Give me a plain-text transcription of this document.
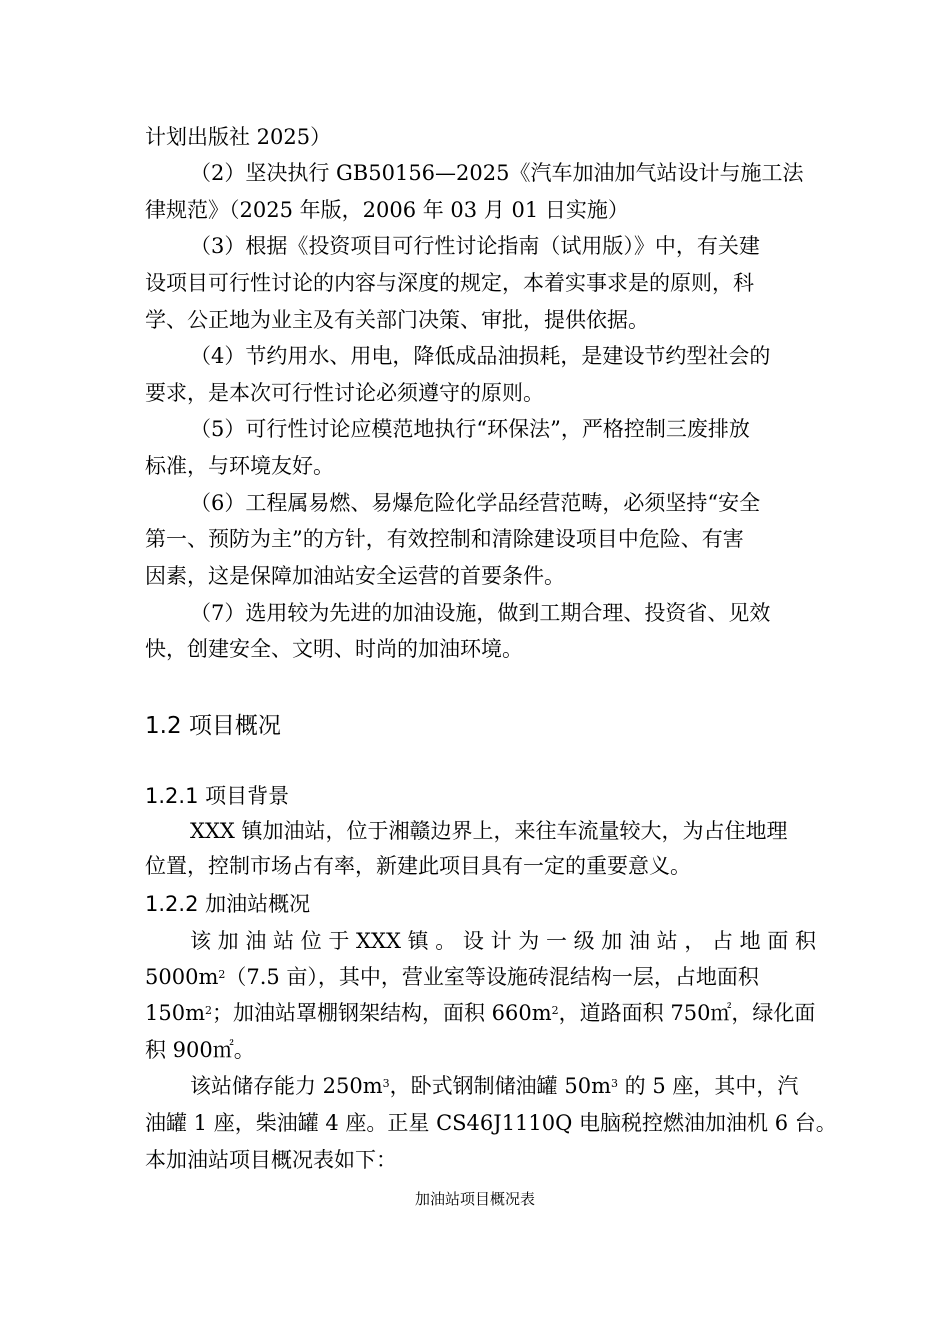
计划出版社 2025）
（2）坚决执行 GB50156—2025《汽车加油加气站设计与施工法
律规范》（2025 年版，2006 年 03 月 01 日实施）
（3）根据《投资项目可行性讨论指南（试用版）》中，有关建
设项目可行性讨论的内容与深度的规定，本着实事求是的原则，科
学、公正地为业主及有关部门决策、审批，提供依据。
（4）节约用水、用电，降低成品油损耗，是建设节约型社会的
要求，是本次可行性讨论必须遵守的原则。
（5）可行性讨论应模范地执行“环保法”，严格控制三废排放
标准，与环境友好。
（6）工程属易燃、易爆危险化学品经营范畴，必须坚持“安全
第一、预防为主”的方针，有效控制和清除建设项目中危险、有害
因素，这是保障加油站安全运营的首要条件。
（7）选用较为先进的加油设施，做到工期合理、投资省、见效
快，创建安全、文明、时尚的加油环境。
1.2 项目概况
1.2.1 项目背景
XXX 镇加油站，位于湘赣边界上，来往车流量较大，为占住地理
位置，控制市场占有率，新建此项目具有一定的重要意义。
1.2.2 加油站概况
该 加 油 站 位 于 XXX 镇 。 设 计 为 一 级 加 油 站 ， 占 地 面 积
$5000m^2(7.5$ 亩），其中，营业室等设施砖混结构一层，占地面积
$150m^2$；加油站罩棚钢架结构，面积 $660m^2$，道路面积 750㎡，绿化面
积 900㎡。
该站储存能力 $250m^3$，卧式钢制储油罐 $50m^3$ 的 5 座，其中，汽
油罐 1 座，柴油罐 4 座。正星 CS46J1110Q 电脑税控燃油加油机 6 台。
本加油站项目概况表如下：
加油站项目概况表
